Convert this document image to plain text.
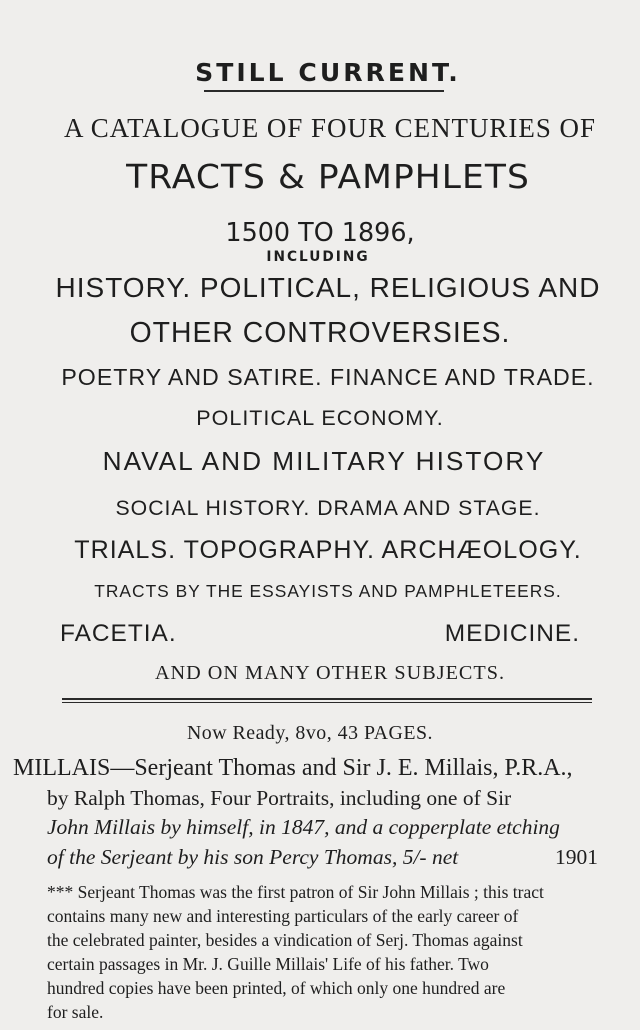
STILL CURRENT.
A CATALOGUE OF FOUR CENTURIES OF
TRACTS & PAMPHLETS
1500 TO 1896,
INCLUDING
HISTORY. POLITICAL, RELIGIOUS AND
OTHER CONTROVERSIES.
POETRY AND SATIRE. FINANCE AND TRADE.
POLITICAL ECONOMY.
NAVAL AND MILITARY HISTORY
SOCIAL HISTORY. DRAMA AND STAGE.
TRIALS. TOPOGRAPHY. ARCHÆOLOGY.
TRACTS BY THE ESSAYISTS AND PAMPHLETEERS.
FACETIA.	MEDICINE.
AND ON MANY OTHER SUBJECTS.
Now Ready, 8vo, 43 PAGES.
MILLAIS—Serjeant Thomas and Sir J. E. Millais, P.R.A.,
by Ralph Thomas, Four Portraits, including one of Sir
John Millais by himself, in 1847, and a copperplate etching
of the Serjeant by his son Percy Thomas, 5/- net	1901
*** Serjeant Thomas was the first patron of Sir John Millais ; this tract
contains many new and interesting particulars of the early career of
the celebrated painter, besides a vindication of Serj. Thomas against
certain passages in Mr. J. Guille Millais' Life of his father. Two
hundred copies have been printed, of which only one hundred are
for sale.
